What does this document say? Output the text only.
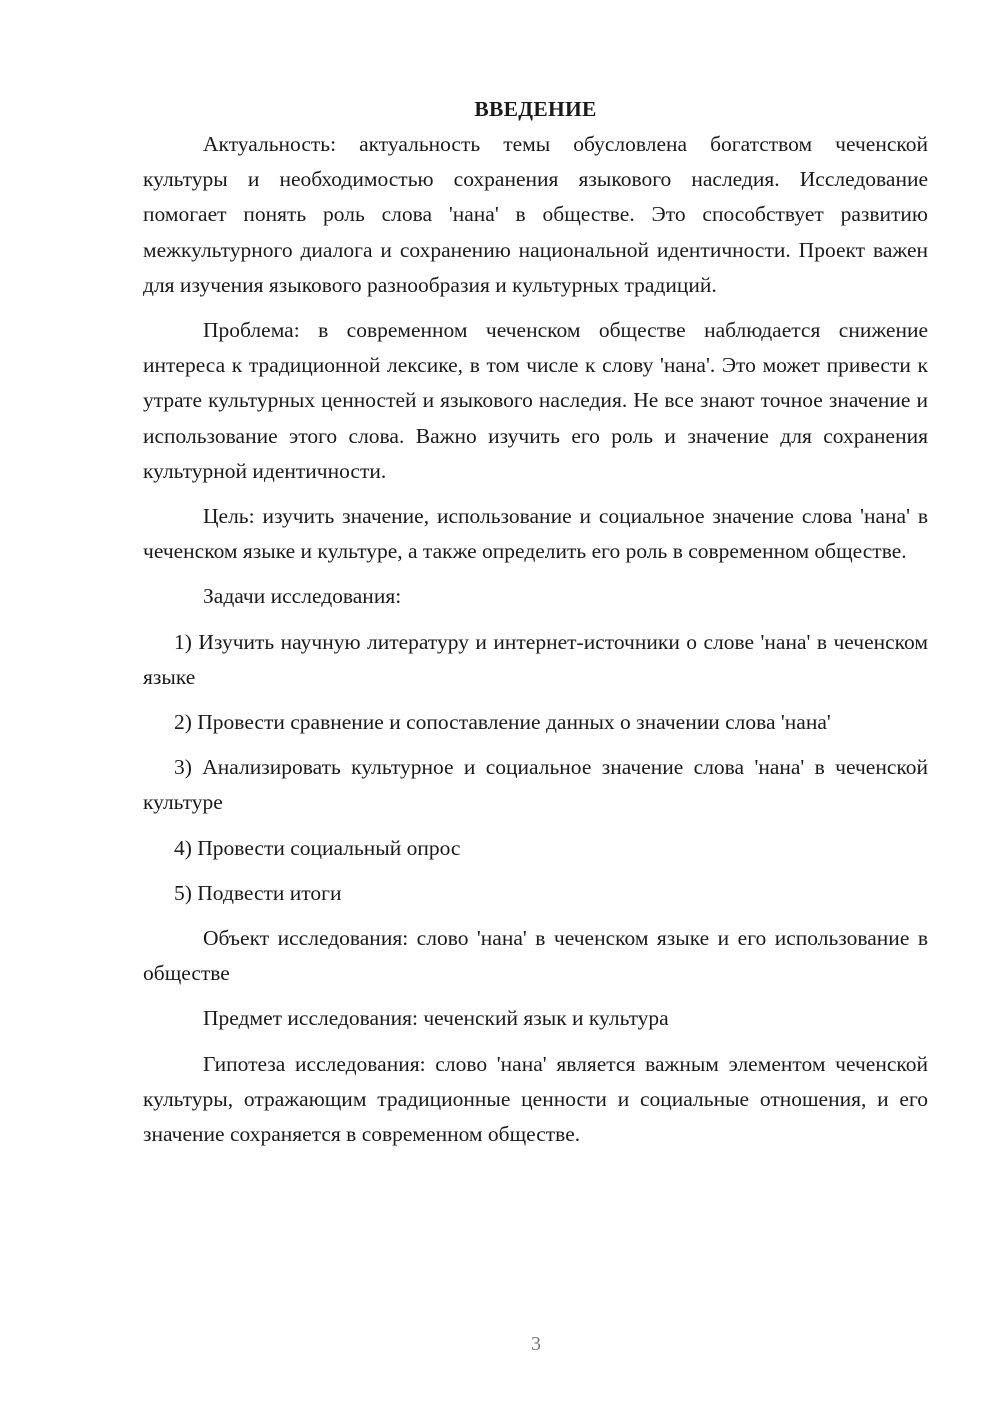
ВВЕДЕНИЕ

Актуальность: актуальность темы обусловлена богатством чеченской культуры и необходимостью сохранения языкового наследия. Исследование помогает понять роль слова 'нана' в обществе. Это способствует развитию межкультурного диалога и сохранению национальной идентичности. Проект важен для изучения языкового разнообразия и культурных традиций.

Проблема: в современном чеченском обществе наблюдается снижение интереса к традиционной лексике, в том числе к слову 'нана'. Это может привести к утрате культурных ценностей и языкового наследия. Не все знают точное значение и использование этого слова. Важно изучить его роль и значение для сохранения культурной идентичности.

Цель: изучить значение, использование и социальное значение слова 'нана' в чеченском языке и культуре, а также определить его роль в современном обществе.

Задачи исследования:

1) Изучить научную литературу и интернет-источники о слове 'нана' в чеченском языке

2) Провести сравнение и сопоставление данных о значении слова 'нана'

3) Анализировать культурное и социальное значение слова 'нана' в чеченской культуре

4) Провести социальный опрос

5) Подвести итоги

Объект исследования: слово 'нана' в чеченском языке и его использование в обществе

Предмет исследования: чеченский язык и культура

Гипотеза исследования: слово 'нана' является важным элементом чеченской культуры, отражающим традиционные ценности и социальные отношения, и его значение сохраняется в современном обществе.

3
